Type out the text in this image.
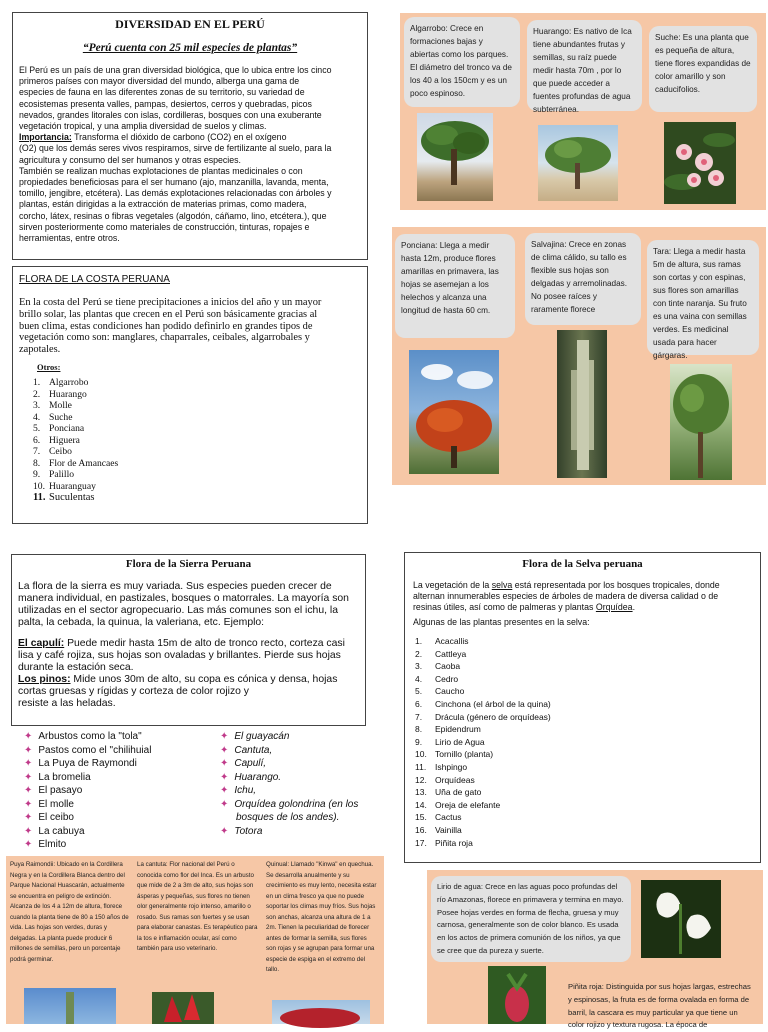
DIVERSIDAD EN EL PERÚ

“Perú cuenta con 25 mil especies de plantas”

El Perú es un país de una gran diversidad biológica, que lo ubica entre los cinco
primeros países con mayor diversidad del mundo, alberga una gama de
especies de fauna en las diferentes zonas de su territorio, su variedad de
ecosistemas presenta valles, pampas, desiertos, cerros y quebradas, picos
nevados, grandes litorales con islas, cordilleras, bosques con una exuberante
vegetación tropical, y una amplia diversidad de suelos y climas.
Importancia: Transforma el dióxido de carbono (CO2) en el oxígeno
(O2) que los demás seres vivos respiramos, sirve de fertilizante al suelo, para la
agricultura y consumo del ser humanos y otras especies.
También se realizan muchas explotaciones de plantas medicinales o con
propiedades beneficiosas para el ser humano (ajo, manzanilla, lavanda, menta,
tomillo, jengibre, etcétera). Las demás explotaciones relacionadas con árboles y
plantas, están dirigidas a la extracción de materias primas, como madera,
corcho, látex, resinas o fibras vegetales (algodón, cáñamo, lino, etcétera.), que
sirven posteriormente como materiales de construcción, tinturas, ropajes e
herramientas, entre otros.

FLORA DE LA COSTA PERUANA

En la costa del Perú se tiene precipitaciones a inicios del año y un mayor
brillo solar, las plantas que crecen en el Perú son básicamente gracias al
buen clima, estas condiciones han podido definirlo en grandes tipos de
vegetación como son: manglares, chaparrales, ceibales, algarrobales y
zapotales.

Otros:

1. Algarrobo
2. Huarango
3. Molle
4. Suche
5. Ponciana
6. Higuera
7. Ceibo
8. Flor de Amancaes
9. Palillo
10. Huaranguay
11. Suculentas
Algarrobo: Crece en formaciones bajas y abiertas como los parques. El diámetro del tronco va de los 40 a los 150cm y es un poco espinoso.
Huarango: Es nativo de Ica tiene abundantes frutas y semillas, su raíz puede medir hasta 70m , por lo que puede acceder a fuentes profundas de agua subterránea.
Suche: Es una planta que es pequeña de altura, tiene flores expandidas de color amarillo y son caducifolios.
Ponciana: Llega a medir hasta 12m, produce flores amarillas en primavera, las hojas se asemejan a los helechos y alcanza una longitud de hasta 60 cm.
Salvajina: Crece en zonas de clima cálido, su tallo es flexible sus hojas son delgadas y arremolinadas. No posee raíces y raramente florece
Tara: Llega a medir hasta 5m de altura, sus ramas son cortas y con espinas, sus flores son amarillas con tinte naranja. Su fruto es una vaina con semillas verdes. Es medicinal usada para hacer gárgaras.

Flora de la Sierra Peruana

La flora de la sierra es muy variada. Sus especies pueden crecer de
manera individual, en pastizales, bosques o matorrales. La mayoría son
utilizadas en el sector agropecuario. Las más comunes son el ichu, la
palta, la cebada, la quinua, la valeriana, etc. Ejemplo:
El capulí: Puede medir hasta 15m de alto de tronco recto, corteza casi
lisa y café rojiza, sus hojas son ovaladas y brillantes. Pierde sus hojas
durante la estación seca.
Los pinos: Mide unos 30m de alto, su copa es cónica y densa, hojas
cortas gruesas y rígidas y corteza de color rojizo y
resiste a las heladas.
✦ Arbustos como la "tola"
✦ Pastos como el "chilihuial
✦ La Puya de Raymondi
✦ La bromelia
✦ El pasayo
✦ El molle
✦ El ceibo
✦ La cabuya
✦ Elmito
✦ El guayacán
✦ Cantuta,
✦ Capulí,
✦ Huarango.
✦ Ichu,
✦ Orquídea golondrina (en los
bosques de los andes).
✦ Totora
Puya Raimondii: Ubicado en la Cordillera Negra y en la Cordillera Blanca dentro del Parque Nacional Huascarán, actualmente se encuentra en peligro de extinción. Alcanza de los 4 a 12m de altura, florece cuando la planta tiene de 80 a 150 años de vida. Las hojas son verdes, duras y delgadas. La planta puede producir 6 millones de semillas, pero un porcentaje podrá germinar.
La cantuta: Flor nacional del Perú o conocida como flor del Inca. Es un arbusto que mide de 2 a 3m de alto, sus hojas son ásperas y pequeñas, sus flores no tienen olor generalmente rojo intenso, amarillo o rosado. Sus ramas son fuertes y se usan para elaborar canastas. Es terapéutico para la tos e inflamación ocular, así como también para uso veterinario.
Quinual: Llamado "Kinwa" en quechua. Se desarrolla anualmente y su crecimiento es muy lento, necesita estar en un clima fresco ya que no puede soportar los climas muy fríos. Sus hojas son anchas, alcanza una altura de 1 a 2m. Tienen la peculiaridad de florecer antes de formar la semilla, sus flores son rojas y se agrupan para formar una especie de espiga en el extremo del tallo.

Flora de la Selva peruana

La vegetación de la selva está representada por los bosques tropicales, donde
alternan innumerables especies de árboles de madera de diversa calidad o de
resinas útiles, así como de palmeras y plantas Orquídea.
Algunas de las plantas presentes en la selva:
1. Acacallis
2. Cattleya
3. Caoba
4. Cedro
5. Caucho
6. Cinchona (el árbol de la quina)
7. Drácula (género de orquídeas)
8. Epidendrum
9. Lirio de Agua
10. Tornillo (planta)
11. Ishpingo
12. Orquídeas
13. Uña de gato
14. Oreja de elefante
15. Cactus
16. Vainilla
17. Piñita roja
Lirio de agua: Crece en las aguas poco profundas del río Amazonas, florece en primavera y termina en mayo. Posee hojas verdes en forma de flecha, gruesa y muy carnosa, generalmente son de color blanco. Es usada en los actos de primera comunión de los niños, ya que se cree que da pureza y suerte.
Piñita roja: Distinguida por sus hojas largas, estrechas y espinosas, la fruta es de forma ovalada en forma de barril, la cascara es muy particular ya que tiene un color rojizo y textura rugosa. La época de
